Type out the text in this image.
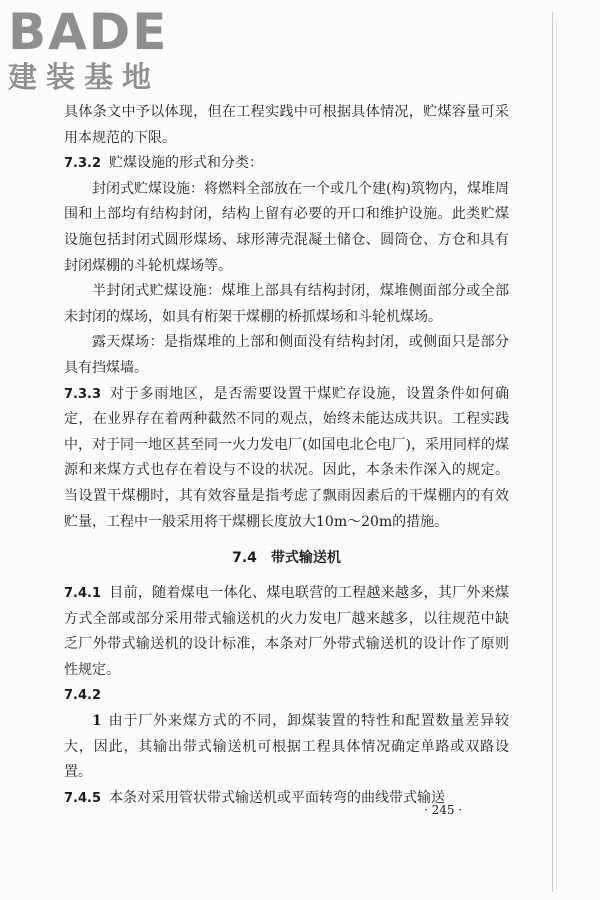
BADE
建装基地

具体条文中予以体现，但在工程实践中可根据具体情况，贮煤容量可采用本规范的下限。

7.3.2 贮煤设施的形式和分类：

封闭式贮煤设施：将燃料全部放在一个或几个建(构)筑物内，煤堆周围和上部均有结构封闭，结构上留有必要的开口和维护设施。此类贮煤设施包括封闭式圆形煤场、球形薄壳混凝土储仓、圆筒仓、方仓和具有封闭煤棚的斗轮机煤场等。

半封闭式贮煤设施：煤堆上部具有结构封闭，煤堆侧面部分或全部未封闭的煤场，如具有桁架干煤棚的桥抓煤场和斗轮机煤场。

露天煤场：是指煤堆的上部和侧面没有结构封闭，或侧面只是部分具有挡煤墙。

7.3.3 对于多雨地区，是否需要设置干煤贮存设施，设置条件如何确定，在业界存在着两种截然不同的观点，始终未能达成共识。工程实践中，对于同一地区甚至同一火力发电厂(如国电北仑电厂)，采用同样的煤源和来煤方式也存在着设与不设的状况。因此，本条未作深入的规定。当设置干煤棚时，其有效容量是指考虑了飘雨因素后的干煤棚内的有效贮量，工程中一般采用将干煤棚长度放大10m～20m的措施。

7.4 带式输送机

7.4.1 目前，随着煤电一体化、煤电联营的工程越来越多，其厂外来煤方式全部或部分采用带式输送机的火力发电厂越来越多，以往规范中缺乏厂外带式输送机的设计标准，本条对厂外带式输送机的设计作了原则性规定。

7.4.2

1 由于厂外来煤方式的不同，卸煤装置的特性和配置数量差异较大，因此，其输出带式输送机可根据工程具体情况确定单路或双路设置。

7.4.5 本条对采用管状带式输送机或平面转弯的曲线带式输送

· 245 ·
